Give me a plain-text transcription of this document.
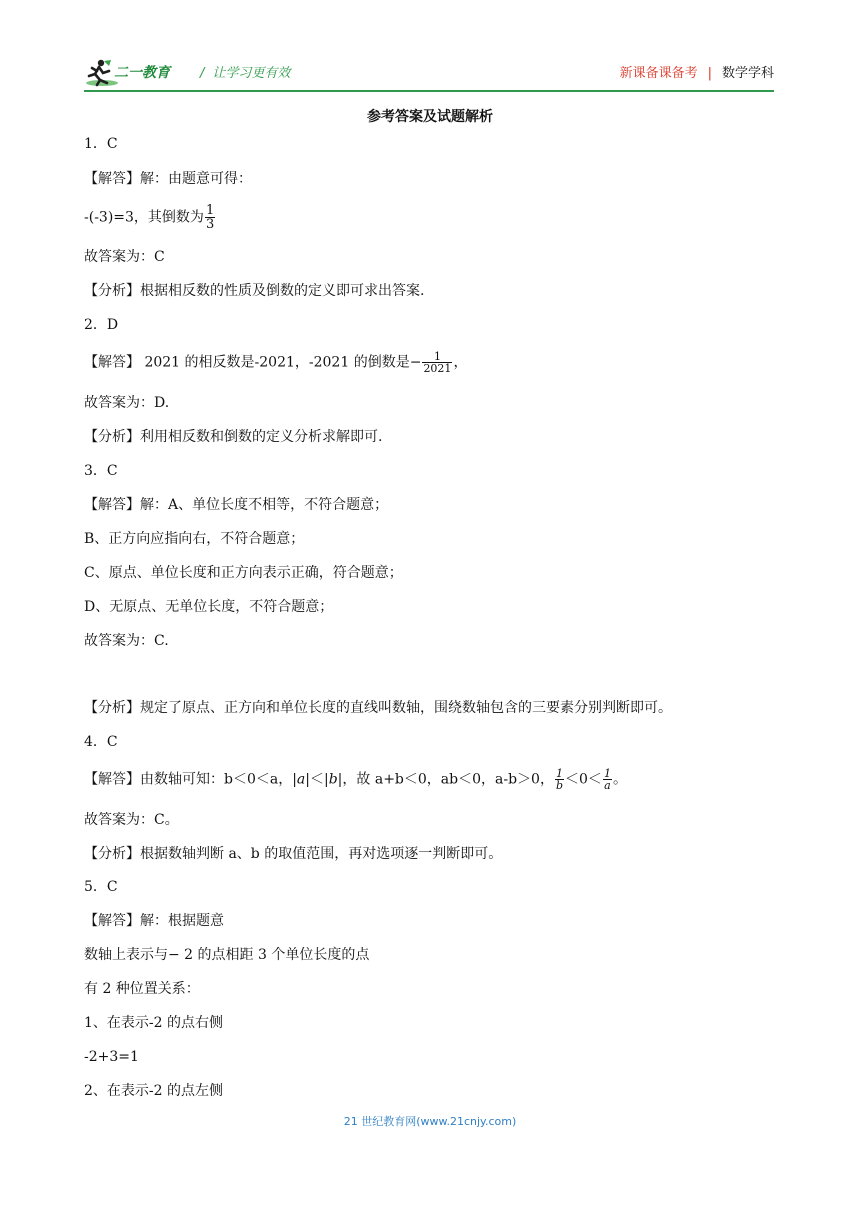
二一教育 / 让学习更有效	新课备课备考 | 数学学科
参考答案及试题解析
1．C
【解答】解：由题意可得：
-(-3)=3，其倒数为 $\frac{1}{3}$
故答案为：C
【分析】根据相反数的性质及倒数的定义即可求出答案.
2．D
【解答】 2021 的相反数是-2021，-2021 的倒数是− $\frac{1}{2021}$ ，
故答案为：D.
【分析】利用相反数和倒数的定义分析求解即可.
3．C
【解答】解：A、单位长度不相等，不符合题意；
B、正方向应指向右，不符合题意；
C、原点、单位长度和正方向表示正确，符合题意；
D、无原点、无单位长度，不符合题意；
故答案为：C.
【分析】规定了原点、正方向和单位长度的直线叫数轴，围绕数轴包含的三要素分别判断即可。
4．C
【解答】由数轴可知：b＜0＜a，|a|＜|b|，故 a+b＜0，ab＜0，a-b＞0， $\frac{1}{b} <0< \frac{1}{a}$ 。
故答案为：C。
【分析】根据数轴判断 a、b 的取值范围，再对选项逐一判断即可。
5．C
【解答】解：根据题意
数轴上表示与− 2 的点相距 3 个单位长度的点
有 2 种位置关系：
1、在表示-2 的点右侧
-2+3=1
2、在表示-2 的点左侧
21 世纪教育网(www.21cnjy.com)
